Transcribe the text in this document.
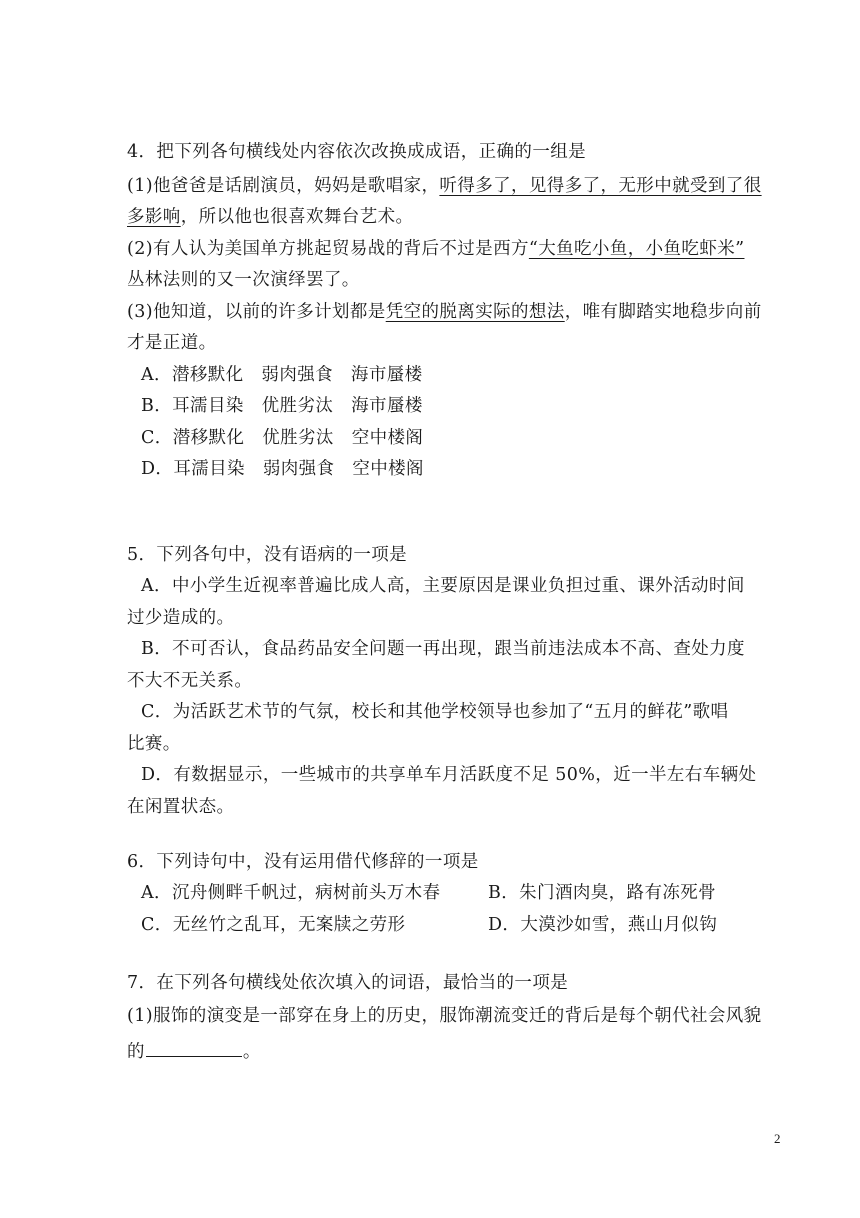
4．把下列各句横线处内容依次改换成成语，正确的一组是
(1)他爸爸是话剧演员，妈妈是歌唱家，听得多了，见得多了，无形中就受到了很
多影响，所以他也很喜欢舞台艺术。
(2)有人认为美国单方挑起贸易战的背后不过是西方“大鱼吃小鱼，小鱼吃虾米”
丛林法则的又一次演绎罢了。
(3)他知道，以前的许多计划都是凭空的脱离实际的想法，唯有脚踏实地稳步向前
才是正道。
A．潜移默化　弱肉强食　海市蜃楼
B．耳濡目染　优胜劣汰　海市蜃楼
C．潜移默化　优胜劣汰　空中楼阁
D．耳濡目染　弱肉强食　空中楼阁
5．下列各句中，没有语病的一项是
A．中小学生近视率普遍比成人高，主要原因是课业负担过重、课外活动时间
过少造成的。
B．不可否认，食品药品安全问题一再出现，跟当前违法成本不高、查处力度
不大不无关系。
C．为活跃艺术节的气氛，校长和其他学校领导也参加了“五月的鲜花”歌唱
比赛。
D．有数据显示，一些城市的共享单车月活跃度不足 50%，近一半左右车辆处
在闲置状态。
6．下列诗句中，没有运用借代修辞的一项是
A．沉舟侧畔千帆过，病树前头万木春	B．朱门酒肉臭，路有冻死骨
C．无丝竹之乱耳，无案牍之劳形	D．大漠沙如雪，燕山月似钩
7．在下列各句横线处依次填入的词语，最恰当的一项是
(1)服饰的演变是一部穿在身上的历史，服饰潮流变迁的背后是每个朝代社会风貌
的	。
2
